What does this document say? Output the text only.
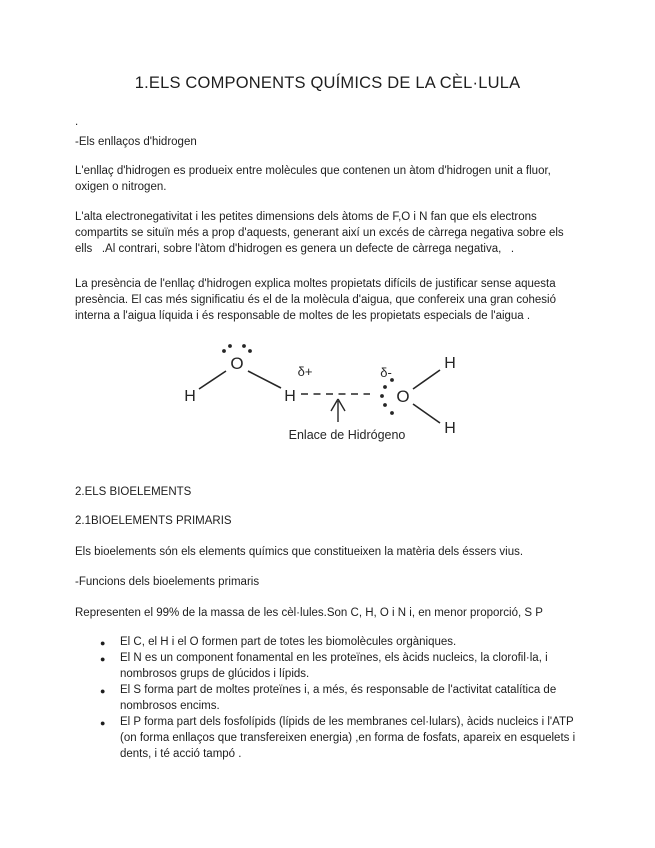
1.ELS COMPONENTS QUÍMICS DE LA CÈL·LULA
.
-Els enllaços d'hidrogen
L'enllaç d'hidrogen es produeix entre molècules que contenen un àtom d'hidrogen unit a fluor, oxigen o nitrogen.
L'alta electronegativitat i les petites dimensions dels àtoms de F,O i N fan que els electrons compartits se situïn més a prop d'aquests, generant així un excés de càrrega negativa sobre els ells   .Al contrari, sobre l'àtom d'hidrogen es genera un defecte de càrrega negativa,   .
La presència de l'enllaç d'hidrogen explica moltes propietats difícils de justificar sense aquesta presència. El cas més significatiu és el de la molècula d'aigua, que confereix una gran cohesió interna a l'aigua líquida i és responsable de moltes de les propietats especials de l'aigua .
H
O
H
δ+	δ-
O
H
H
Enlace de Hidrógeno
2.ELS BIOELEMENTS
2.1BIOELEMENTS PRIMARIS
Els bioelements són els elements químics que constitueixen la matèria dels éssers vius.
-Funcions dels bioelements primaris
Representen el 99% de la massa de les cèl·lules.Son C, H, O i N i, en menor proporció, S P
● El C, el H i el O formen part de totes les biomolècules orgàniques.
● El N es un component fonamental en les proteïnes, els àcids nucleics, la clorofil·la, i nombrosos grups de glúcidos i lípids.
● El S forma part de moltes proteïnes i, a més, és responsable de l'activitat catalítica de nombrosos encims.
● El P forma part dels fosfolípids (lípids de les membranes cel·lulars), àcids nucleics i l'ATP (on forma enllaços que transfereixen energia) ,en forma de fosfats, apareix en esquelets i dents, i té acció tampó .
